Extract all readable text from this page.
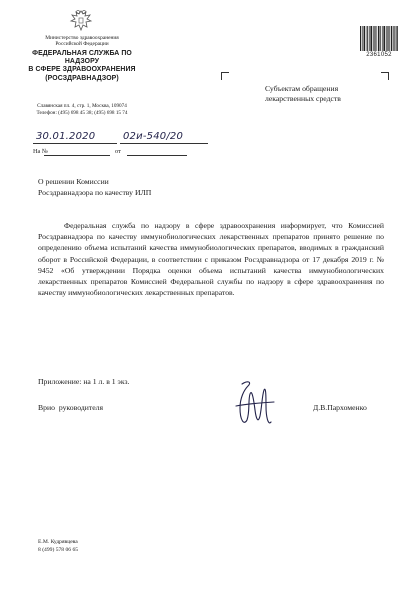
Министерство здравоохранения
Российской Федерации
ФЕДЕРАЛЬНАЯ СЛУЖБА ПО НАДЗОРУ
В СФЕРЕ ЗДРАВООХРАНЕНИЯ
(РОСЗДРАВНАДЗОР)
Славянская пл. 4, стр. 1, Москва, 109074
Телефон: (495) 698 45 38; (495) 698 15 74
2361052
Субъектам обращения
лекарственных средств
30.01.2020	02и-540/20
На №	от
О решении Комиссии
Росздравнадзора по качеству ИЛП
Федеральная служба по надзору в сфере здравоохранения информирует, что Комиссией Росздравнадзора по качеству иммунобиологических лекарственных препаратов принято решение по определению объема испытаний качества иммунобиологических препаратов, вводимых в гражданский оборот в Российской Федерации, в соответствии с приказом Росздравнадзора от 17 декабря 2019 г. № 9452 «Об утверждении Порядка оценки объема испытаний качества иммунобиологических лекарственных препаратов Комиссией Федеральной службы по надзору в сфере здравоохранения по качеству иммунобиологических лекарственных препаратов.
Приложение: на 1 л. в 1 экз.
Врио руководителя	Д.В.Пархоменко
Е.М. Кудрявцева
8 (499) 578 06 65
